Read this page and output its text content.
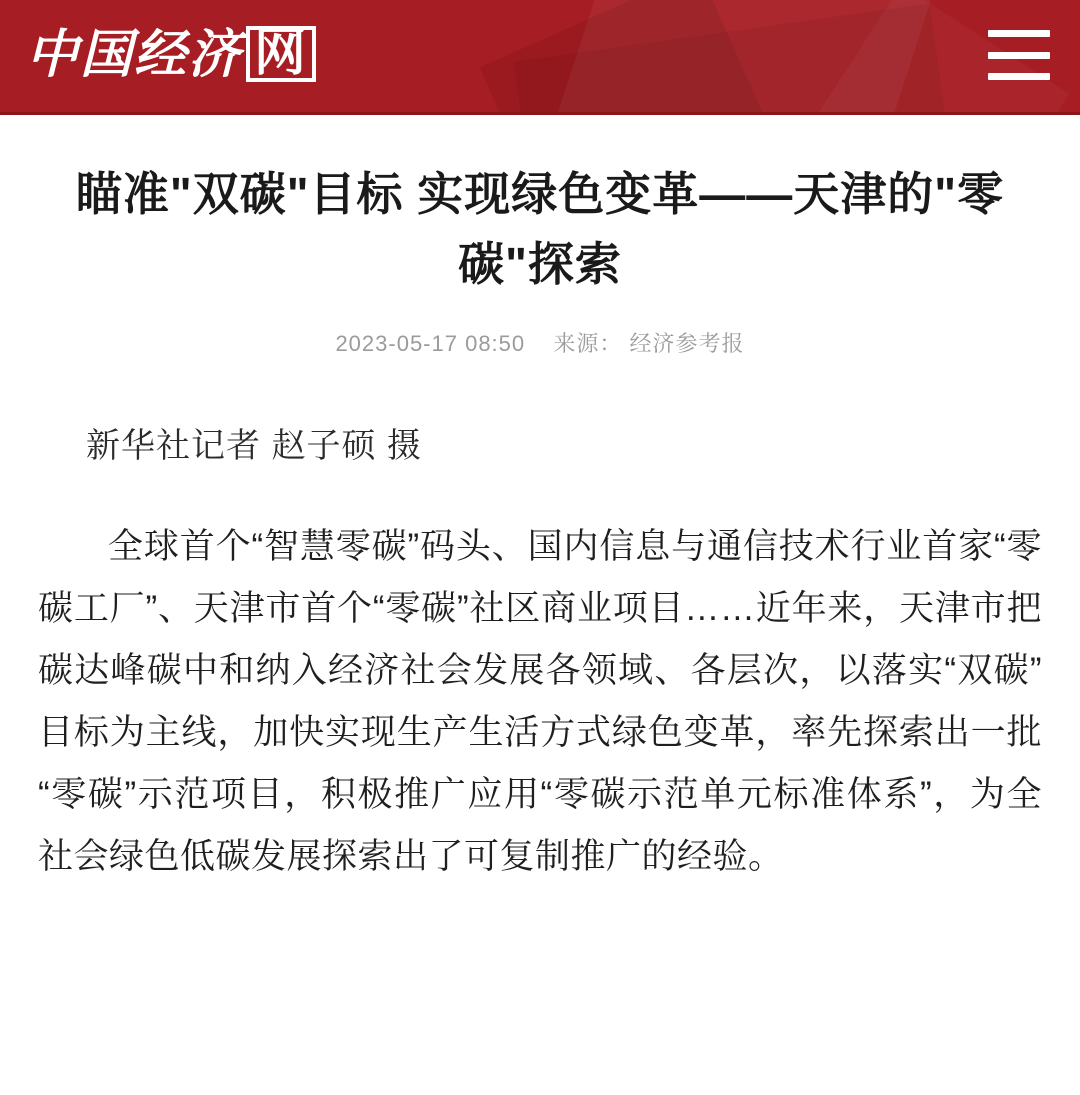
中国经济 网
瞄准"双碳"目标 实现绿色变革——天津的"零碳"探索
2023-05-17 08:50 来源： 经济参考报
新华社记者 赵子硕 摄

全球首个“智慧零碳”码头、国内信息与通信技术行业首家“零碳工厂”、天津市首个“零碳”社区商业项目……近年来，天津市把碳达峰碳中和纳入经济社会发展各领域、各层次，以落实“双碳”目标为主线，加快实现生产生活方式绿色变革，率先探索出一批“零碳”示范项目，积极推广应用“零碳示范单元标准体系”，为全社会绿色低碳发展探索出了可复制推广的经验。
